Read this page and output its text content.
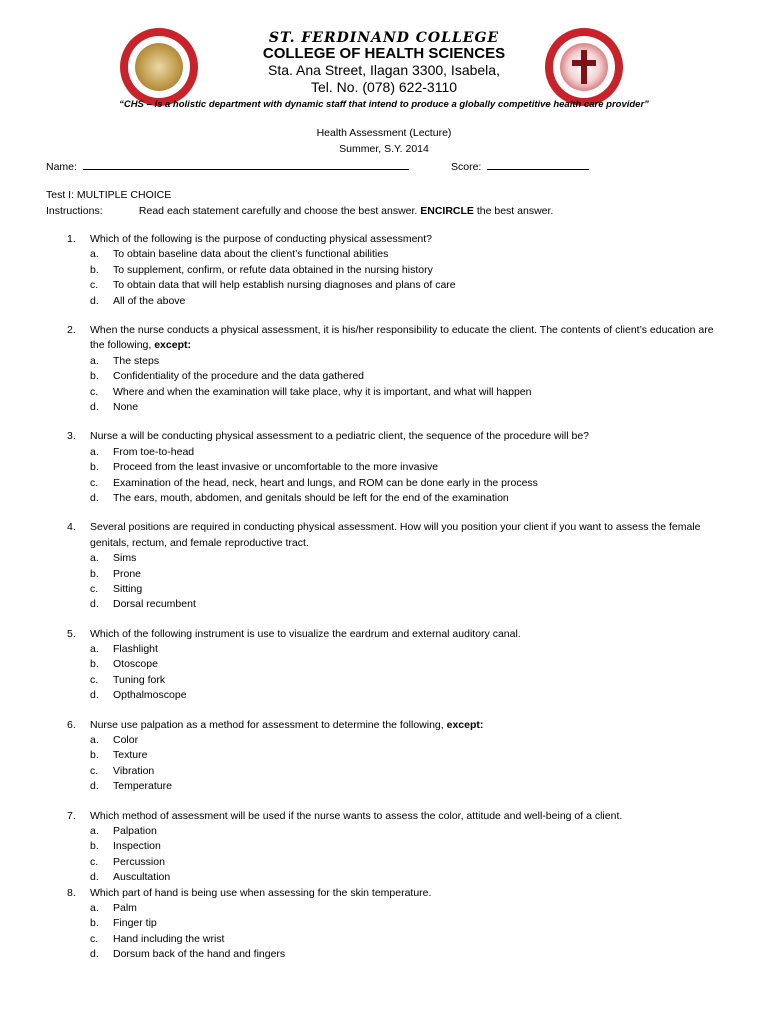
ST. FERDINAND COLLEGE
COLLEGE OF HEALTH SCIENCES
Sta. Ana Street, Ilagan 3300, Isabela,
Tel. No. (078) 622-3110
“CHS – is a holistic department with dynamic staff that intend to produce a globally competitive health care provider”
Health Assessment (Lecture)
Summer, S.Y. 2014
Name:	Score:
Test I: MULTIPLE CHOICE
Instructions:	Read each statement carefully and choose the best answer. ENCIRCLE the best answer.
1. Which of the following is the purpose of conducting physical assessment?
a. To obtain baseline data about the client’s functional abilities
b. To supplement, confirm, or refute data obtained in the nursing history
c. To obtain data that will help establish nursing diagnoses and plans of care
d. All of the above
2. When the nurse conducts a physical assessment, it is his/her responsibility to educate the client. The contents of client’s education are the following, except:
a. The steps
b. Confidentiality of the procedure and the data gathered
c. Where and when the examination will take place, why it is important, and what will happen
d. None
3. Nurse a will be conducting physical assessment to a pediatric client, the sequence of the procedure will be?
a. From toe-to-head
b. Proceed from the least invasive or uncomfortable to the more invasive
c. Examination of the head, neck, heart and lungs, and ROM can be done early in the process
d. The ears, mouth, abdomen, and genitals should be left for the end of the examination
4. Several positions are required in conducting physical assessment. How will you position your client if you want to assess the female genitals, rectum, and female reproductive tract.
a. Sims
b. Prone
c. Sitting
d. Dorsal recumbent
5. Which of the following instrument is use to visualize the eardrum and external auditory canal.
a. Flashlight
b. Otoscope
c. Tuning fork
d. Opthalmoscope
6. Nurse use palpation as a method for assessment to determine the following, except:
a. Color
b. Texture
c. Vibration
d. Temperature
7. Which method of assessment will be used if the nurse wants to assess the color, attitude and well-being of a client.
a. Palpation
b. Inspection
c. Percussion
d. Auscultation
8. Which part of hand is being use when assessing for the skin temperature.
a. Palm
b. Finger tip
c. Hand including the wrist
d. Dorsum back of the hand and fingers
